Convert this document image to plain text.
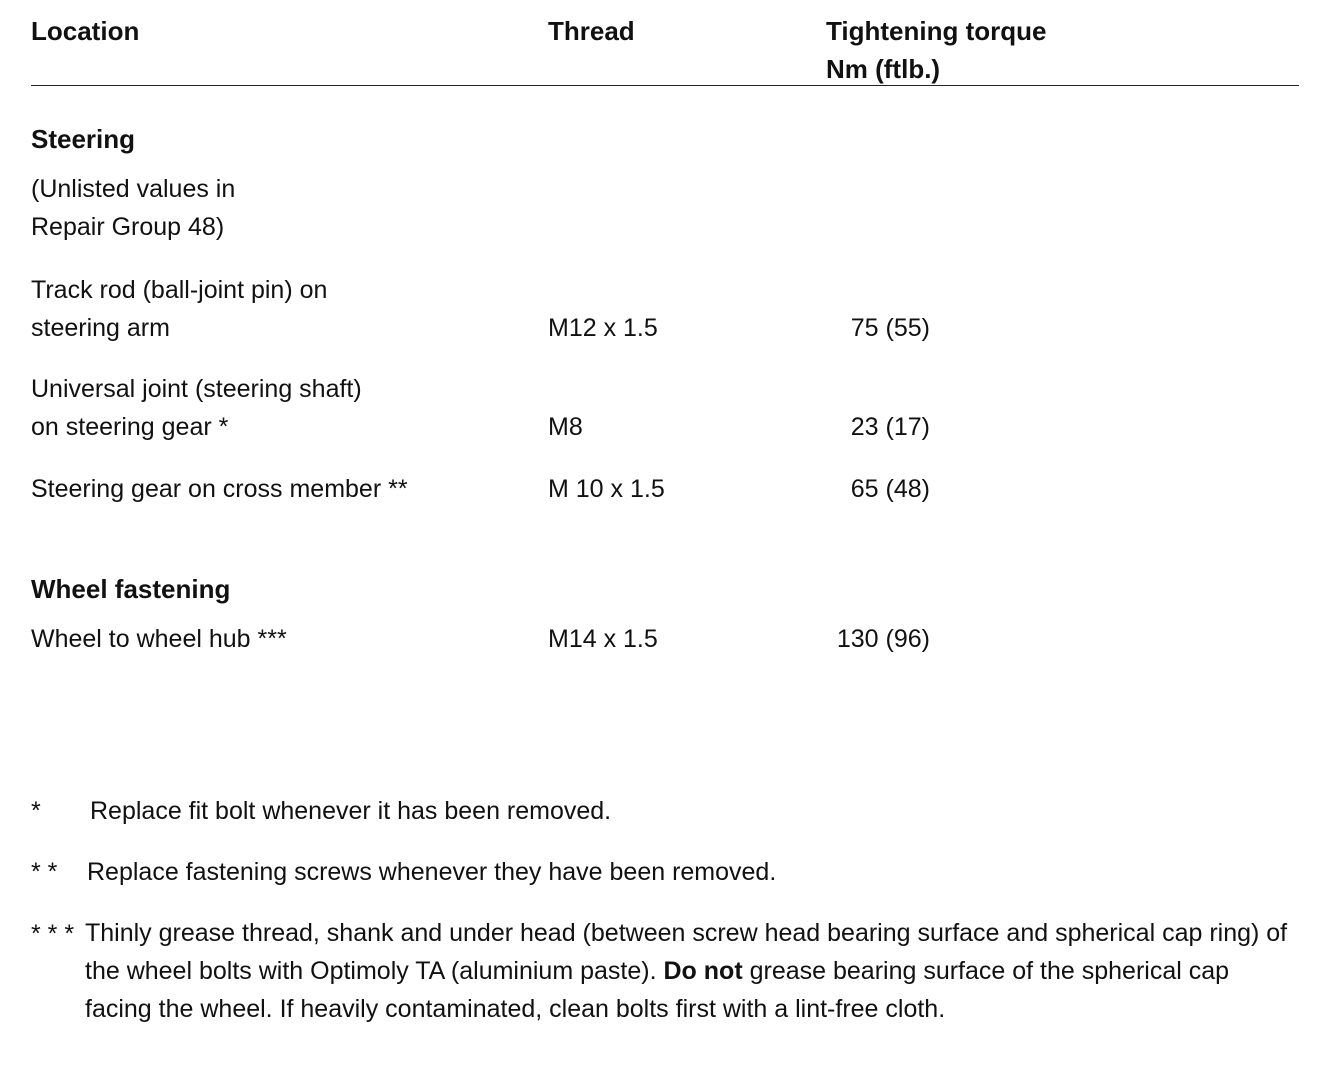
Location	Thread	Tightening torque
Nm (ftlb.)
Steering
(Unlisted values in
Repair Group 48)
Track rod (ball-joint pin) on
steering arm	M12 x 1.5	75 (55)
Universal joint (steering shaft)
on steering gear *	M8	23 (17)
Steering gear on cross member **	M 10 x 1.5	65 (48)
Wheel fastening
Wheel to wheel hub ***	M14 x 1.5	130 (96)
* Replace fit bolt whenever it has been removed.
* * Replace fastening screws whenever they have been removed.
* * * Thinly grease thread, shank and under head (between screw head bearing surface and spherical cap ring) of the wheel bolts with Optimoly TA (aluminium paste). Do not grease bearing surface of the spherical cap facing the wheel. If heavily contaminated, clean bolts first with a lint-free cloth.
